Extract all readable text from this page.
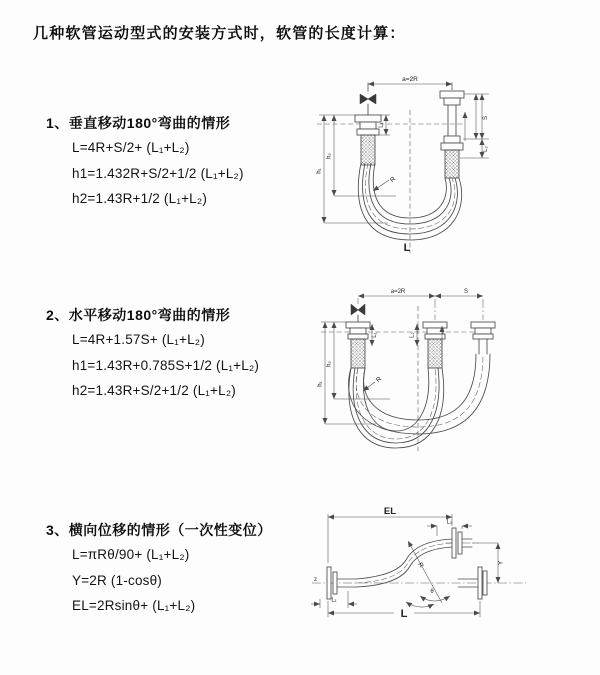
几种软管运动型式的安装方式时，软管的长度计算：
1、垂直移动180°弯曲的情形
L=4R+S/2+ (L₁+L₂)
h1=1.432R+S/2+1/2 (L₁+L₂)
h2=1.43R+1/2 (L₁+L₂)
2、水平移动180°弯曲的情形
L=4R+1.57S+ (L₁+L₂)
h1=1.43R+0.785S+1/2 (L₁+L₂)
h2=1.43R+S/2+1/2 (L₁+L₂)
3、横向位移的情形（一次性变位）
L=πRθ/90+ (L₁+L₂)
Y=2R (1-cosθ)
EL=2Rsinθ+ (L₁+L₂)
a=2R
L₁
S
L₂
h₂
h₁
R
L
a=2R	S
L₁	L₂
h₂
h₁	R
z
EL
L₂
Y
R
θ
L₁
L
